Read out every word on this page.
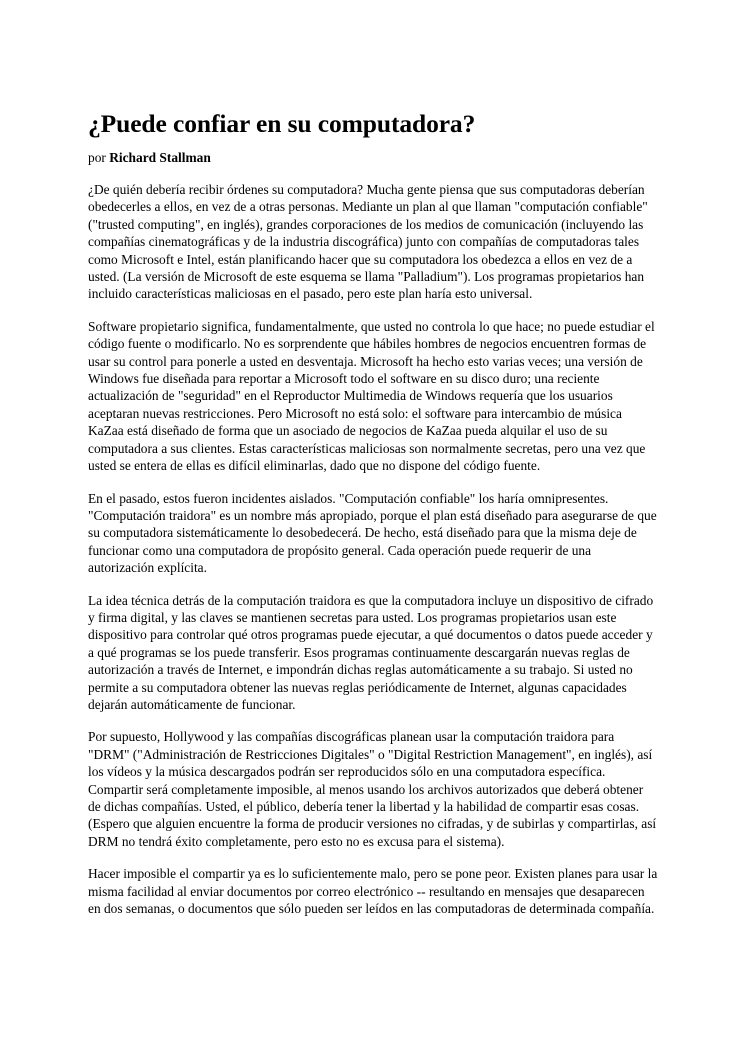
¿Puede confiar en su computadora?
por Richard Stallman

¿De quién debería recibir órdenes su computadora? Mucha gente piensa que sus computadoras deberían obedecerles a ellos, en vez de a otras personas. Mediante un plan al que llaman "computación confiable" ("trusted computing", en inglés), grandes corporaciones de los medios de comunicación (incluyendo las compañías cinematográficas y de la industria discográfica) junto con compañías de computadoras tales como Microsoft e Intel, están planificando hacer que su computadora los obedezca a ellos en vez de a usted. (La versión de Microsoft de este esquema se llama "Palladium"). Los programas propietarios han incluido características maliciosas en el pasado, pero este plan haría esto universal.

Software propietario significa, fundamentalmente, que usted no controla lo que hace; no puede estudiar el código fuente o modificarlo. No es sorprendente que hábiles hombres de negocios encuentren formas de usar su control para ponerle a usted en desventaja. Microsoft ha hecho esto varias veces; una versión de Windows fue diseñada para reportar a Microsoft todo el software en su disco duro; una reciente actualización de "seguridad" en el Reproductor Multimedia de Windows requería que los usuarios aceptaran nuevas restricciones. Pero Microsoft no está solo: el software para intercambio de música KaZaa está diseñado de forma que un asociado de negocios de KaZaa pueda alquilar el uso de su computadora a sus clientes. Estas características maliciosas son normalmente secretas, pero una vez que usted se entera de ellas es difícil eliminarlas, dado que no dispone del código fuente.

En el pasado, estos fueron incidentes aislados. "Computación confiable" los haría omnipresentes. "Computación traidora" es un nombre más apropiado, porque el plan está diseñado para asegurarse de que su computadora sistemáticamente lo desobedecerá. De hecho, está diseñado para que la misma deje de funcionar como una computadora de propósito general. Cada operación puede requerir de una autorización explícita.

La idea técnica detrás de la computación traidora es que la computadora incluye un dispositivo de cifrado y firma digital, y las claves se mantienen secretas para usted. Los programas propietarios usan este dispositivo para controlar qué otros programas puede ejecutar, a qué documentos o datos puede acceder y a qué programas se los puede transferir. Esos programas continuamente descargarán nuevas reglas de autorización a través de Internet, e impondrán dichas reglas automáticamente a su trabajo. Si usted no permite a su computadora obtener las nuevas reglas periódicamente de Internet, algunas capacidades dejarán automáticamente de funcionar.

Por supuesto, Hollywood y las compañías discográficas planean usar la computación traidora para "DRM" ("Administración de Restricciones Digitales" o "Digital Restriction Management", en inglés), así los vídeos y la música descargados podrán ser reproducidos sólo en una computadora específica. Compartir será completamente imposible, al menos usando los archivos autorizados que deberá obtener de dichas compañías. Usted, el público, debería tener la libertad y la habilidad de compartir esas cosas. (Espero que alguien encuentre la forma de producir versiones no cifradas, y de subirlas y compartirlas, así DRM no tendrá éxito completamente, pero esto no es excusa para el sistema).

Hacer imposible el compartir ya es lo suficientemente malo, pero se pone peor. Existen planes para usar la misma facilidad al enviar documentos por correo electrónico -- resultando en mensajes que desaparecen en dos semanas, o documentos que sólo pueden ser leídos en las computadoras de determinada compañía.
